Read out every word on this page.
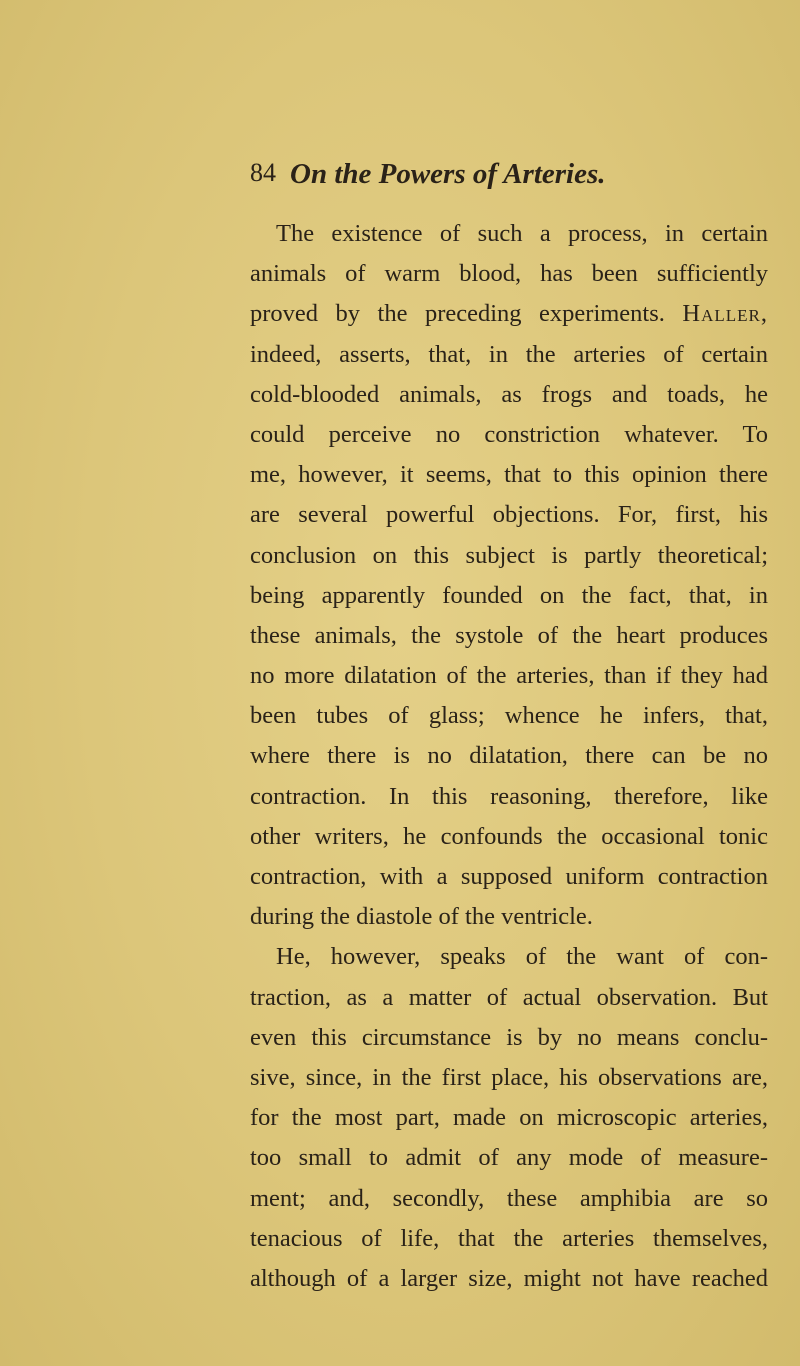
84 On the Powers of Arteries.
The existence of such a process, in certain
animals of warm blood, has been sufficiently
proved by the preceding experiments. Haller,
indeed, asserts, that, in the arteries of certain
cold-blooded animals, as frogs and toads, he
could perceive no constriction whatever. To
me, however, it seems, that to this opinion there
are several powerful objections. For, first, his
conclusion on this subject is partly theoretical;
being apparently founded on the fact, that, in
these animals, the systole of the heart produces
no more dilatation of the arteries, than if they had
been tubes of glass; whence he infers, that,
where there is no dilatation, there can be no
contraction. In this reasoning, therefore, like
other writers, he confounds the occasional tonic
contraction, with a supposed uniform contraction
during the diastole of the ventricle.
He, however, speaks of the want of con-
traction, as a matter of actual observation. But
even this circumstance is by no means conclu-
sive, since, in the first place, his observations are,
for the most part, made on microscopic arteries,
too small to admit of any mode of measure-
ment; and, secondly, these amphibia are so
tenacious of life, that the arteries themselves,
although of a larger size, might not have reached
